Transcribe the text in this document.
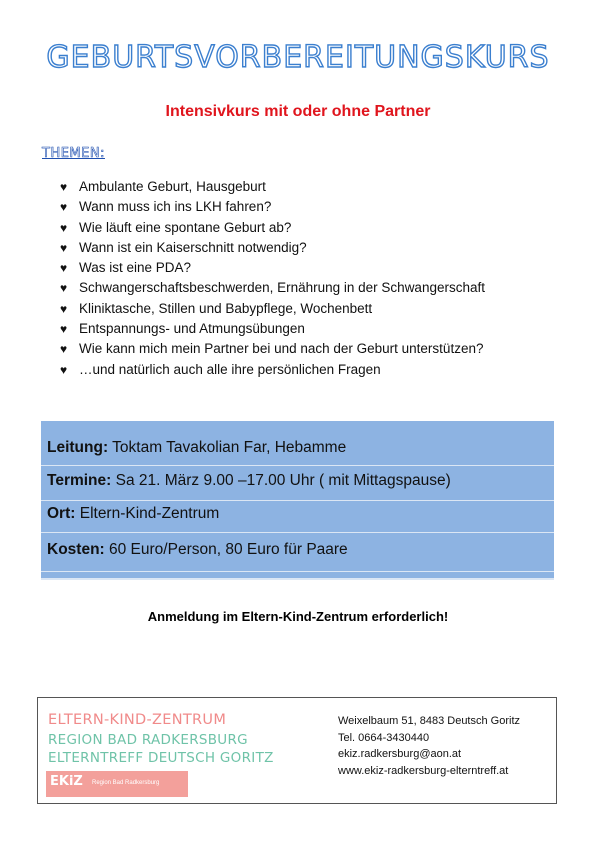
GEBURTSVORBEREITUNGSKURS
Intensivkurs mit oder ohne Partner
THEMEN:
♥ Ambulante Geburt, Hausgeburt
♥ Wann muss ich ins LKH fahren?
♥ Wie läuft eine spontane Geburt ab?
♥ Wann ist ein Kaiserschnitt notwendig?
♥ Was ist eine PDA?
♥ Schwangerschaftsbeschwerden, Ernährung in der Schwangerschaft
♥ Kliniktasche, Stillen und Babypflege, Wochenbett
♥ Entspannungs- und Atmungsübungen
♥ Wie kann mich mein Partner bei und nach der Geburt unterstützen?
♥ …und natürlich auch alle ihre persönlichen Fragen
Leitung: Toktam Tavakolian Far, Hebamme
Termine: Sa 21. März 9.00 –17.00 Uhr ( mit Mittagspause)
Ort: Eltern-Kind-Zentrum
Kosten: 60 Euro/Person, 80 Euro für Paare
Anmeldung im Eltern-Kind-Zentrum erforderlich!
ELTERN-KIND-ZENTRUM
REGION BAD RADKERSBURG
ELTERNTREFF DEUTSCH GORITZ
EKiZ Region Bad Radkersburg
Weixelbaum 51, 8483 Deutsch Goritz
Tel. 0664-3430440
ekiz.radkersburg@aon.at
www.ekiz-radkersburg-elterntreff.at
